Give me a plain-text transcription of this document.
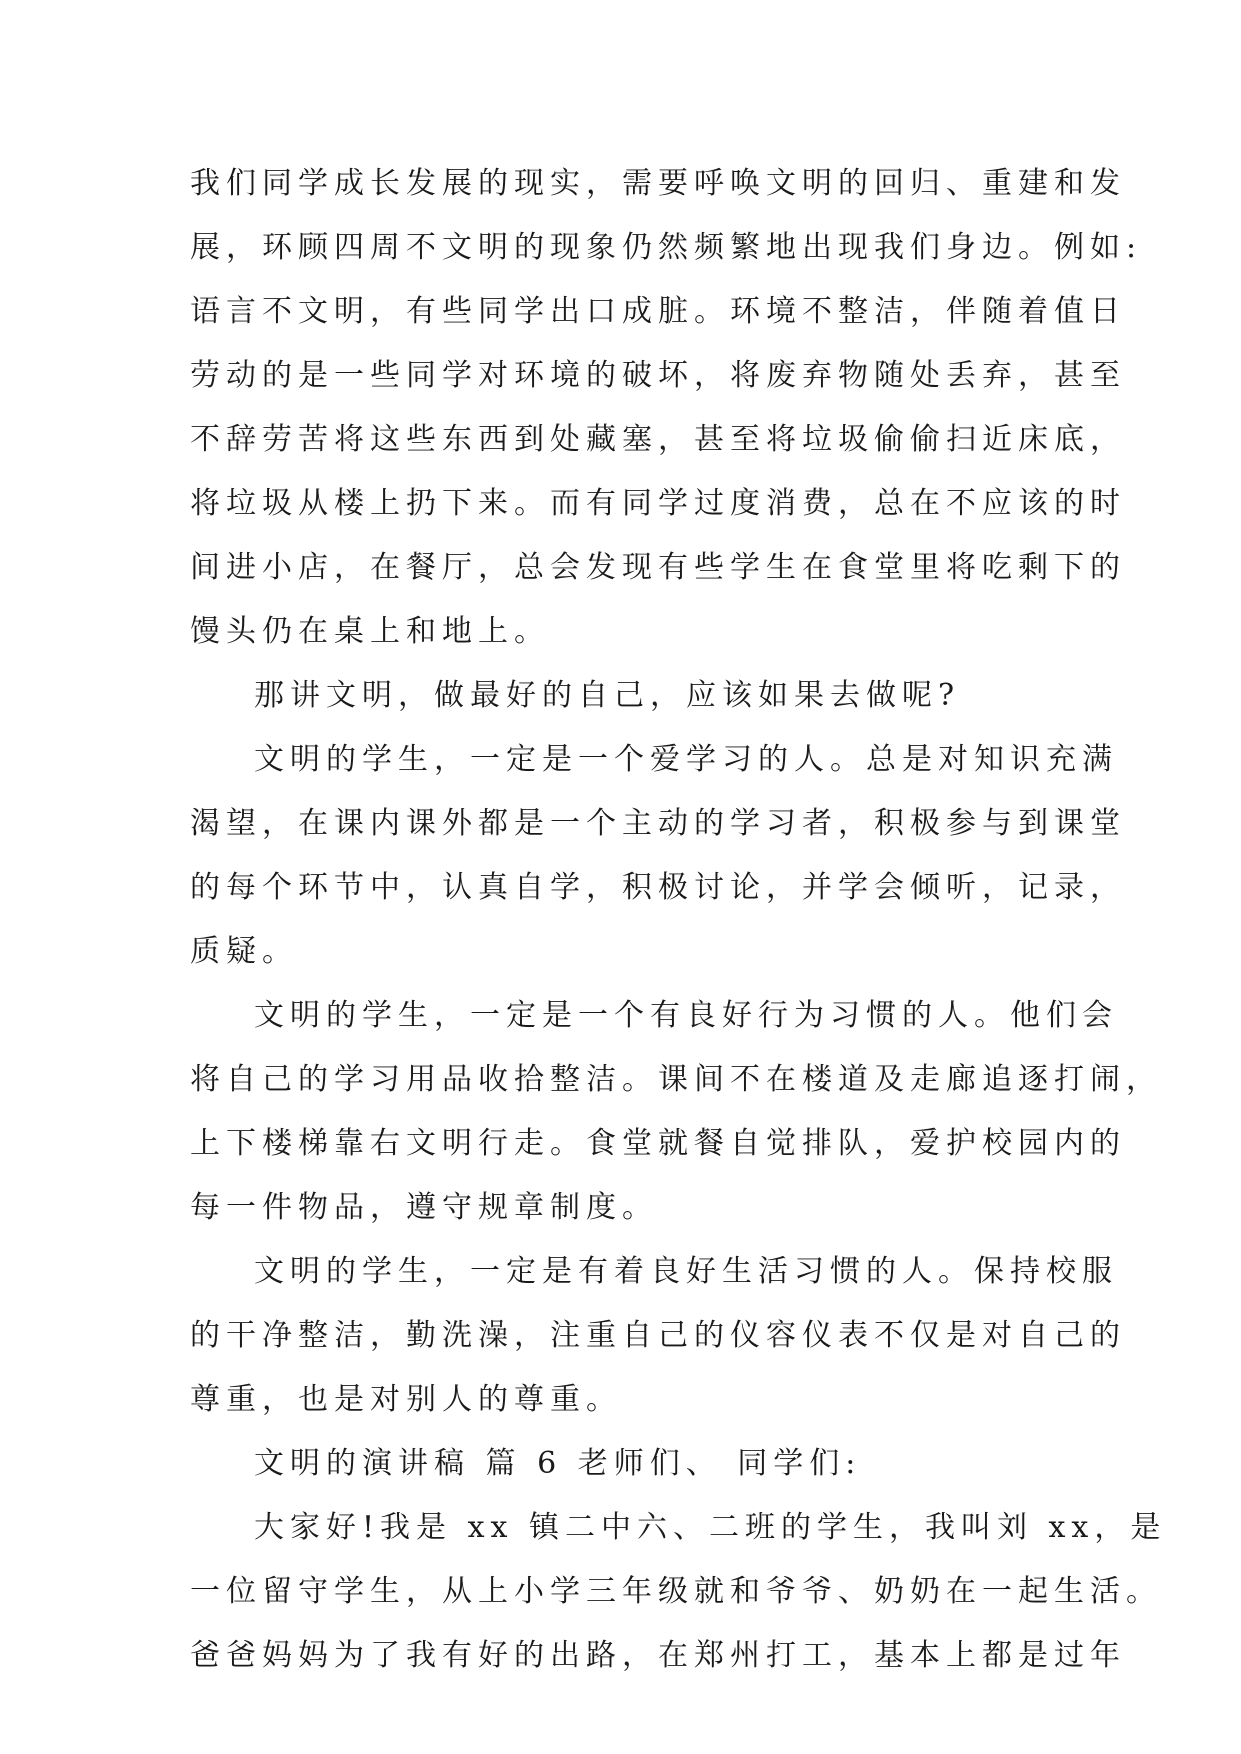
我们同学成长发展的现实，需要呼唤文明的回归、重建和发
展，环顾四周不文明的现象仍然频繁地出现我们身边。例如:
语言不文明，有些同学出口成脏。环境不整洁，伴随着值日
劳动的是一些同学对环境的破坏，将废弃物随处丢弃，甚至
不辞劳苦将这些东西到处藏塞，甚至将垃圾偷偷扫近床底，
将垃圾从楼上扔下来。而有同学过度消费，总在不应该的时
间进小店，在餐厅，总会发现有些学生在食堂里将吃剩下的
馒头仍在桌上和地上。
那讲文明，做最好的自己，应该如果去做呢?
文明的学生，一定是一个爱学习的人。总是对知识充满
渴望，在课内课外都是一个主动的学习者，积极参与到课堂
的每个环节中，认真自学，积极讨论，并学会倾听，记录，
质疑。
文明的学生，一定是一个有良好行为习惯的人。他们会
将自己的学习用品收拾整洁。课间不在楼道及走廊追逐打闹，
上下楼梯靠右文明行走。食堂就餐自觉排队，爱护校园内的
每一件物品，遵守规章制度。
文明的学生，一定是有着良好生活习惯的人。保持校服
的干净整洁，勤洗澡，注重自己的仪容仪表不仅是对自己的
尊重，也是对别人的尊重。
文明的演讲稿 篇 6 老师们、 同学们:
大家好!我是 xx 镇二中六、二班的学生，我叫刘 xx，是
一位留守学生，从上小学三年级就和爷爷、奶奶在一起生活。
爸爸妈妈为了我有好的出路，在郑州打工，基本上都是过年
